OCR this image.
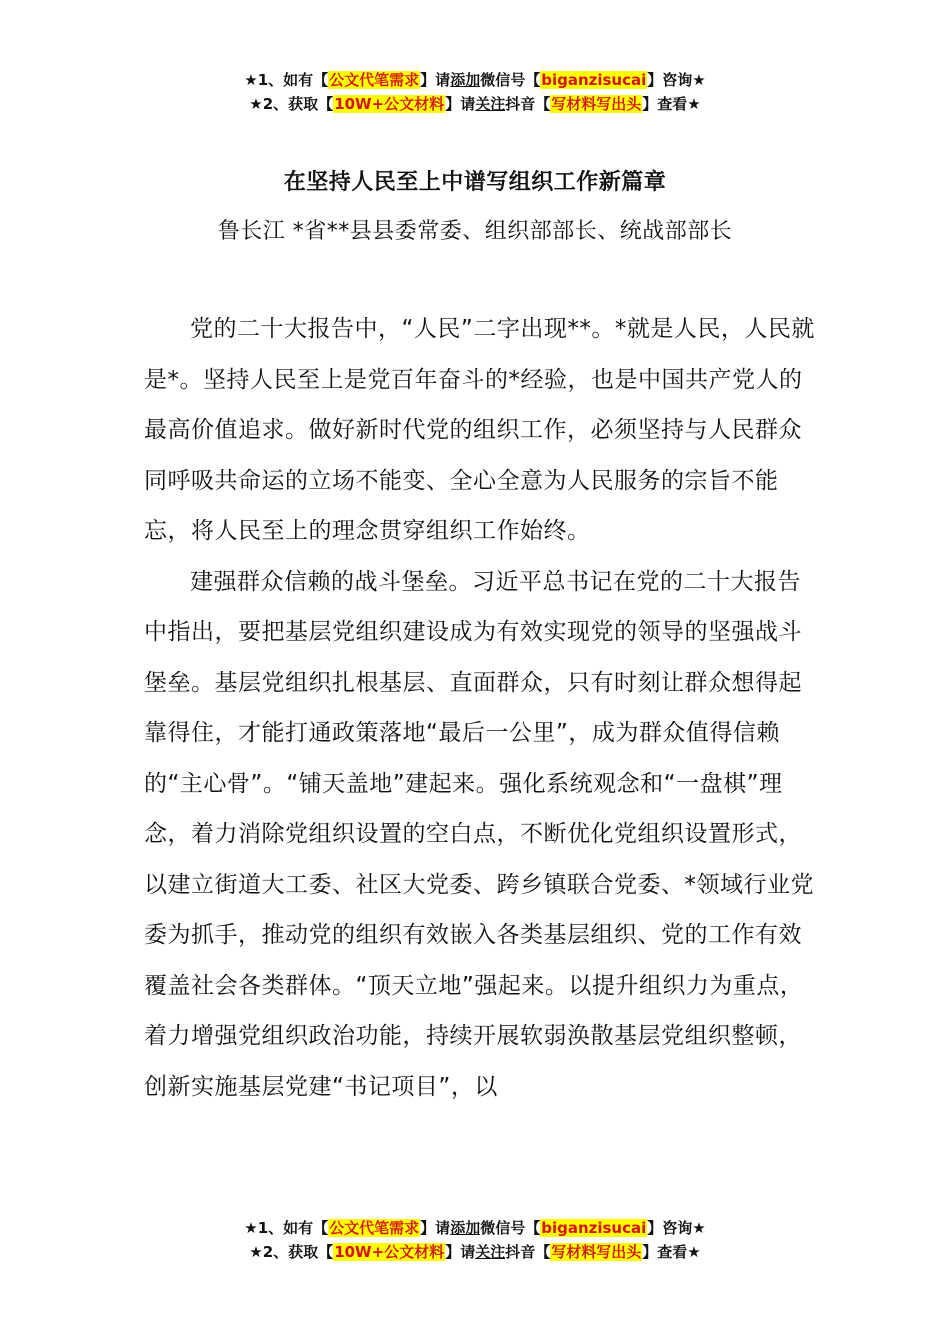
★1、如有【公文代笔需求】请添加微信号【biganzisucai】咨询★
★2、获取【10W+公文材料】请关注抖音【写材料写出头】查看★
在坚持人民至上中谱写组织工作新篇章
鲁长江 *省**县县委常委、组织部部长、统战部部长

党的二十大报告中，“人民”二字出现**。*就是人民，人民就是*。坚持人民至上是党百年奋斗的*经验，也是中国共产党人的最高价值追求。做好新时代党的组织工作，必须坚持与人民群众同呼吸共命运的立场不能变、全心全意为人民服务的宗旨不能忘，将人民至上的理念贯穿组织工作始终。

建强群众信赖的战斗堡垒。习近平总书记在党的二十大报告中指出，要把基层党组织建设成为有效实现党的领导的坚强战斗堡垒。基层党组织扎根基层、直面群众，只有时刻让群众想得起靠得住，才能打通政策落地“最后一公里”，成为群众值得信赖的“主心骨”。“铺天盖地”建起来。强化系统观念和“一盘棋”理念，着力消除党组织设置的空白点，不断优化党组织设置形式，以建立街道大工委、社区大党委、跨乡镇联合党委、*领域行业党委为抓手，推动党的组织有效嵌入各类基层组织、党的工作有效覆盖社会各类群体。“顶天立地”强起来。以提升组织力为重点，着力增强党组织政治功能，持续开展软弱涣散基层党组织整顿，创新实施基层党建“书记项目”，以

★1、如有【公文代笔需求】请添加微信号【biganzisucai】咨询★
★2、获取【10W+公文材料】请关注抖音【写材料写出头】查看★
